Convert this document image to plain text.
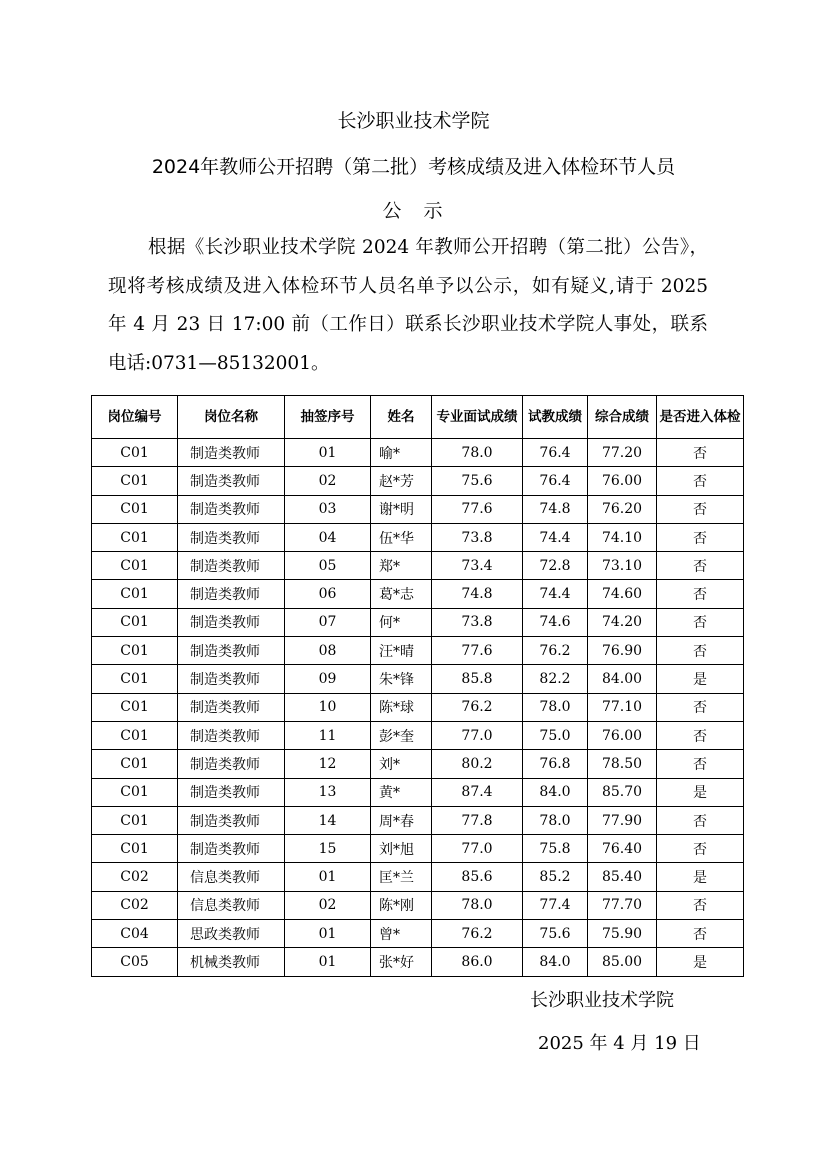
长沙职业技术学院
2024年教师公开招聘（第二批）考核成绩及进入体检环节人员
公示
根据《长沙职业技术学院 2024 年教师公开招聘（第二批）公告》，现将考核成绩及进入体检环节人员名单予以公示，如有疑义,请于 2025 年 4 月 23 日 17:00 前（工作日）联系长沙职业技术学院人事处，联系电话:0731—85132001。
岗位编号	岗位名称	抽签序号	姓名	专业面试成绩	试教成绩	综合成绩	是否进入体检
C01	制造类教师	01	喻*	78.0	76.4	77.20	否
C01	制造类教师	02	赵*芳	75.6	76.4	76.00	否
C01	制造类教师	03	谢*明	77.6	74.8	76.20	否
C01	制造类教师	04	伍*华	73.8	74.4	74.10	否
C01	制造类教师	05	郑*	73.4	72.8	73.10	否
C01	制造类教师	06	葛*志	74.8	74.4	74.60	否
C01	制造类教师	07	何*	73.8	74.6	74.20	否
C01	制造类教师	08	汪*晴	77.6	76.2	76.90	否
C01	制造类教师	09	朱*锋	85.8	82.2	84.00	是
C01	制造类教师	10	陈*球	76.2	78.0	77.10	否
C01	制造类教师	11	彭*奎	77.0	75.0	76.00	否
C01	制造类教师	12	刘*	80.2	76.8	78.50	否
C01	制造类教师	13	黄*	87.4	84.0	85.70	是
C01	制造类教师	14	周*春	77.8	78.0	77.90	否
C01	制造类教师	15	刘*旭	77.0	75.8	76.40	否
C02	信息类教师	01	匡*兰	85.6	85.2	85.40	是
C02	信息类教师	02	陈*刚	78.0	77.4	77.70	否
C04	思政类教师	01	曾*	76.2	75.6	75.90	否
C05	机械类教师	01	张*好	86.0	84.0	85.00	是
长沙职业技术学院
2025 年 4 月 19 日
